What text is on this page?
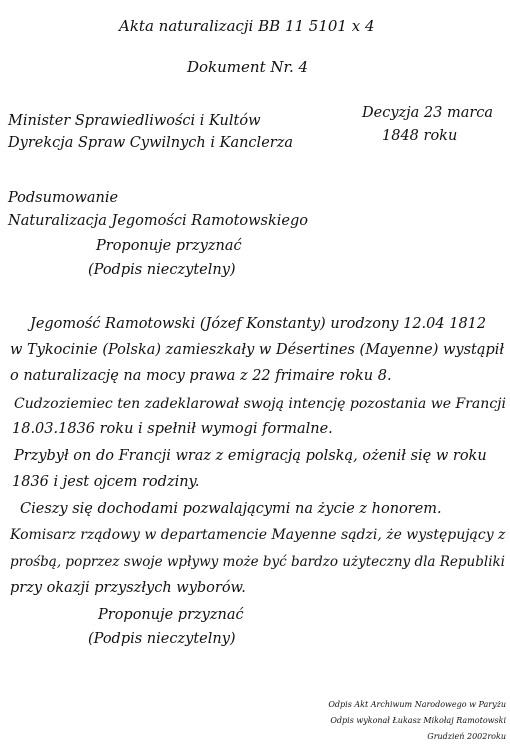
Akta naturalizacji BB 11 5101 x 4
Dokument Nr. 4
Minister Sprawiedliwości i Kultów
Dyrekcja Spraw Cywilnych i Kanclerza
Decyzja 23 marca
1848 roku
Podsumowanie
Naturalizacja Jegomości Ramotowskiego
Proponuje przyznać
(Podpis nieczytelny)
Jegomość Ramotowski (Józef Konstanty) urodzony 12.04 1812
w Tykocinie (Polska) zamieszkały w Désertines (Mayenne) wystąpił
o naturalizację na mocy prawa z 22 frimaire roku 8.
Cudzoziemiec ten zadeklarował swoją intencję pozostania we Francji
18.03.1836 roku i spełnił wymogi formalne.
Przybył on do Francji wraz z emigracją polską, ożenił się w roku
1836 i jest ojcem rodziny.
Cieszy się dochodami pozwalającymi na życie z honorem.
Komisarz rządowy w departamencie Mayenne sądzi, że występujący z
prośbą, poprzez swoje wpływy może być bardzo użyteczny dla Republiki
przy okazji przyszłych wyborów.
Proponuje przyznać
(Podpis nieczytelny)
Odpis Akt Archiwum Narodowego w Paryżu
Odpis wykonał Łukasz Mikołaj Ramotowski
Grudzień 2002roku
